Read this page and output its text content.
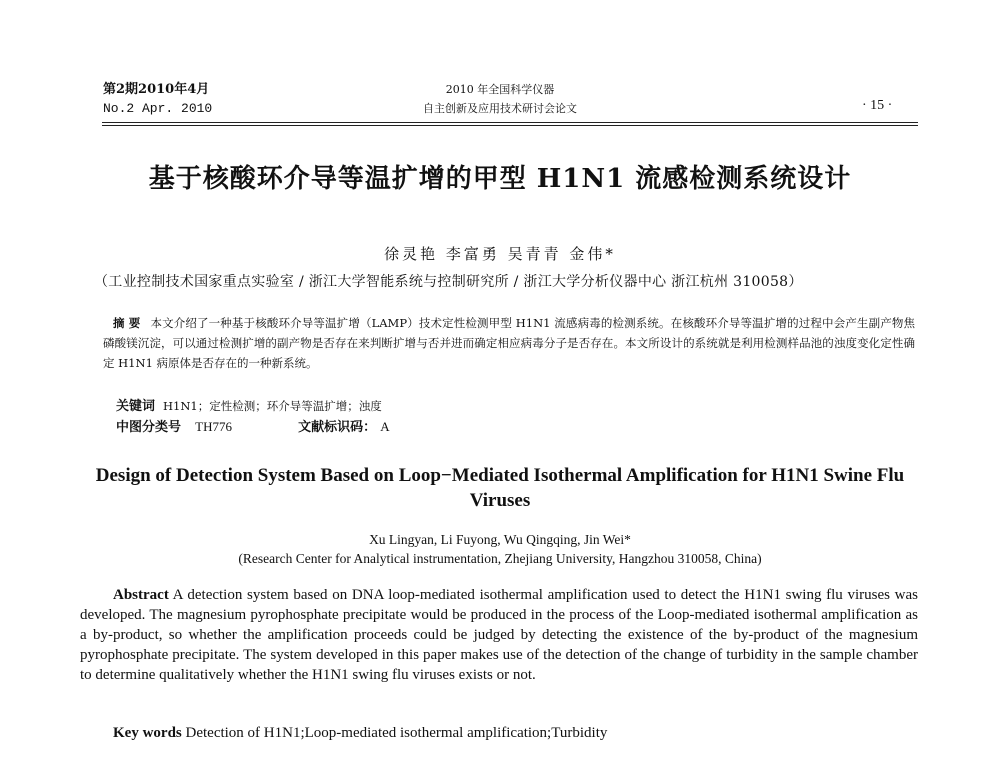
第2期2010年4月
No.2 Apr. 2010
2010 年全国科学仪器
自主创新及应用技术研讨会论文	· 15 ·
基于核酸环介导等温扩增的甲型 H1N1 流感检测系统设计
徐灵艳 李富勇 吴青青 金伟*
（工业控制技术国家重点实验室 / 浙江大学智能系统与控制研究所 / 浙江大学分析仪器中心 浙江杭州 310058）
摘 要 本文介绍了一种基于核酸环介导等温扩增（LAMP）技术定性检测甲型 H1N1 流感病毒的检测系统。在核酸环介导等温扩增的过程中会产生副产物焦磷酸镁沉淀，可以通过检测扩增的副产物是否存在来判断扩增与否并进而确定相应病毒分子是否存在。本文所设计的系统就是利用检测样品池的浊度变化定性确定 H1N1 病原体是否存在的一种新系统。
关键词 H1N1；定性检测；环介导等温扩增；浊度
中图分类号 TH776	文献标识码： A
Design of Detection System Based on Loop−Mediated Isothermal Amplification for H1N1 Swine Flu Viruses
Xu Lingyan, Li Fuyong, Wu Qingqing, Jin Wei*
(Research Center for Analytical instrumentation, Zhejiang University, Hangzhou 310058, China)
Abstract A detection system based on DNA loop-mediated isothermal amplification used to detect the H1N1 swing flu viruses was developed. The magnesium pyrophosphate precipitate would be produced in the process of the Loop-mediated isothermal amplification as a by-product, so whether the amplification proceeds could be judged by detecting the existence of the by-product of the magnesium pyrophosphate precipitate. The system developed in this paper makes use of the detection of the change of turbidity in the sample chamber to determine qualitatively whether the H1N1 swing flu viruses exists or not.
Key words Detection of H1N1;Loop-mediated isothermal amplification;Turbidity
